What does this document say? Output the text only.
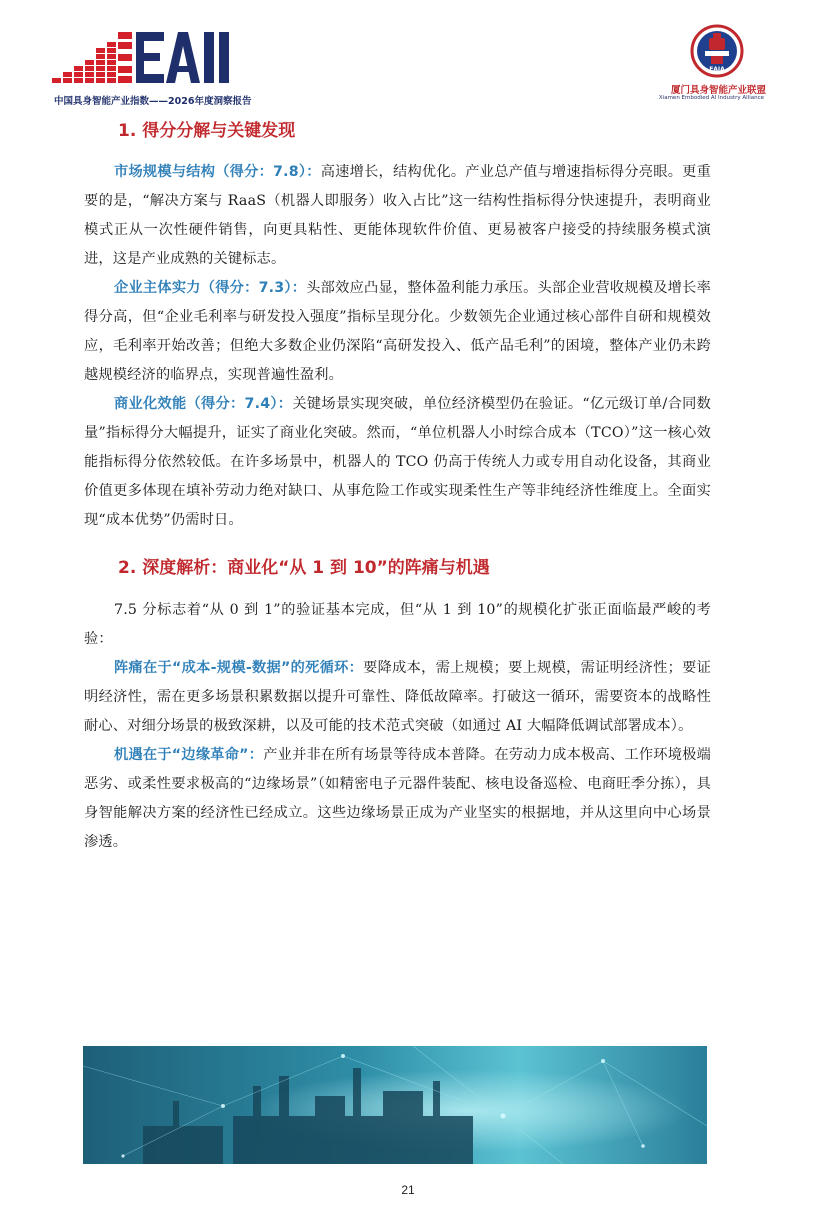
EAII
中国具身智能产业指数——2026年度洞察报告
EAIA
厦门具身智能产业联盟
Xiamen Embodied AI Industry Alliance
1. 得分分解与关键发现

市场规模与结构（得分：7.8）：高速增长，结构优化。产业总产值与增速指标得分亮眼。更重要的是，“解决方案与 RaaS（机器人即服务）收入占比”这一结构性指标得分快速提升，表明商业模式正从一次性硬件销售，向更具粘性、更能体现软件价值、更易被客户接受的持续服务模式演进，这是产业成熟的关键标志。

企业主体实力（得分：7.3）：头部效应凸显，整体盈利能力承压。头部企业营收规模及增长率得分高，但“企业毛利率与研发投入强度”指标呈现分化。少数领先企业通过核心部件自研和规模效应，毛利率开始改善；但绝大多数企业仍深陷“高研发投入、低产品毛利”的困境，整体产业仍未跨越规模经济的临界点，实现普遍性盈利。

商业化效能（得分：7.4）：关键场景实现突破，单位经济模型仍在验证。“亿元级订单/合同数量”指标得分大幅提升，证实了商业化突破。然而，“单位机器人小时综合成本（TCO）”这一核心效能指标得分依然较低。在许多场景中，机器人的 TCO 仍高于传统人力或专用自动化设备，其商业价值更多体现在填补劳动力绝对缺口、从事危险工作或实现柔性生产等非纯经济性维度上。全面实现“成本优势”仍需时日。

2. 深度解析：商业化“从 1 到 10”的阵痛与机遇

7.5 分标志着“从 0 到 1”的验证基本完成，但“从 1 到 10”的规模化扩张正面临最严峻的考验：

阵痛在于“成本-规模-数据”的死循环：要降成本，需上规模；要上规模，需证明经济性；要证明经济性，需在更多场景积累数据以提升可靠性、降低故障率。打破这一循环，需要资本的战略性耐心、对细分场景的极致深耕，以及可能的技术范式突破（如通过 AI 大幅降低调试部署成本）。

机遇在于“边缘革命”：产业并非在所有场景等待成本普降。在劳动力成本极高、工作环境极端恶劣、或柔性要求极高的“边缘场景”（如精密电子元器件装配、核电设备巡检、电商旺季分拣），具身智能解决方案的经济性已经成立。这些边缘场景正成为产业坚实的根据地，并从这里向中心场景渗透。

21
